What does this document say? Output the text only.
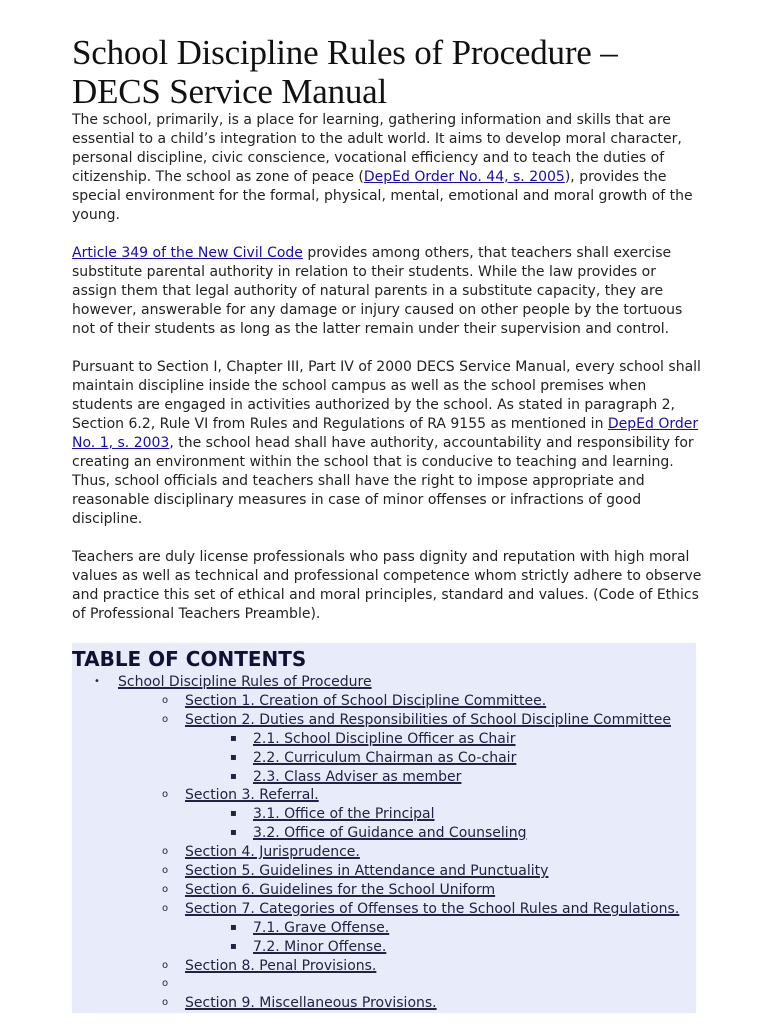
School Discipline Rules of Procedure – DECS Service Manual

The school, primarily, is a place for learning, gathering information and skills that are essential to a child’s integration to the adult world. It aims to develop moral character, personal discipline, civic conscience, vocational efficiency and to teach the duties of citizenship. The school as zone of peace (DepEd Order No. 44, s. 2005), provides the special environment for the formal, physical, mental, emotional and moral growth of the young.

Article 349 of the New Civil Code provides among others, that teachers shall exercise substitute parental authority in relation to their students. While the law provides or assign them that legal authority of natural parents in a substitute capacity, they are however, answerable for any damage or injury caused on other people by the tortuous not of their students as long as the latter remain under their supervision and control.

Pursuant to Section I, Chapter III, Part IV of 2000 DECS Service Manual, every school shall maintain discipline inside the school campus as well as the school premises when students are engaged in activities authorized by the school. As stated in paragraph 2, Section 6.2, Rule VI from Rules and Regulations of RA 9155 as mentioned in DepEd Order No. 1, s. 2003, the school head shall have authority, accountability and responsibility for creating an environment within the school that is conducive to teaching and learning. Thus, school officials and teachers shall have the right to impose appropriate and reasonable disciplinary measures in case of minor offenses or infractions of good discipline.

Teachers are duly license professionals who pass dignity and reputation with high moral values as well as technical and professional competence whom strictly adhere to observe and practice this set of ethical and moral principles, standard and values. (Code of Ethics of Professional Teachers Preamble).

TABLE OF CONTENTS
• School Discipline Rules of Procedure
o Section 1. Creation of School Discipline Committee.
o Section 2. Duties and Responsibilities of School Discipline Committee
▪ 2.1. School Discipline Officer as Chair
▪ 2.2. Curriculum Chairman as Co-chair
▪ 2.3. Class Adviser as member
o Section 3. Referral.
▪ 3.1. Office of the Principal
▪ 3.2. Office of Guidance and Counseling
o Section 4. Jurisprudence.
o Section 5. Guidelines in Attendance and Punctuality
o Section 6. Guidelines for the School Uniform
o Section 7. Categories of Offenses to the School Rules and Regulations.
▪ 7.1. Grave Offense.
▪ 7.2. Minor Offense.
o Section 8. Penal Provisions.
o
o Section 9. Miscellaneous Provisions.
